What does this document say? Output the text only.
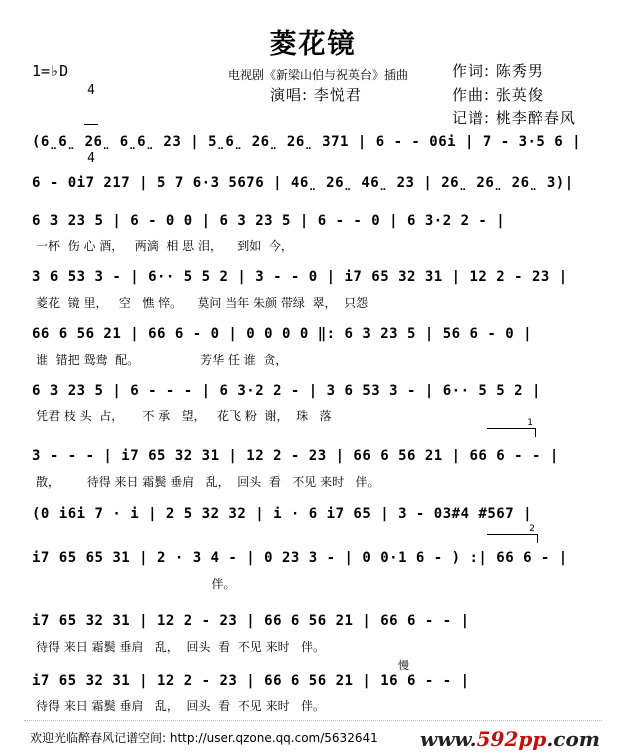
菱花镜
1=♭D

4

4

电视剧《新梁山伯与祝英台》插曲	作词: 陈秀男
演唱: 李悦君	作曲: 张英俊
记谱: 桃李醉春风
(6̤6̤ 26̤ 6̤6̤ 23 | 5̤6̤ 26̤ 26̤ 371 | 6 - - 06i | 7 - 3·5 6 |
6 - 0i7 217 | 5 7 6·3 5676 | 46̤ 26̤ 46̤ 23 | 26̤ 26̤ 26̤ 3)|
6 3 23 5 | 6 - 0 0 | 6 3 23 5 | 6 - - 0 | 6 3·2 2 - |
一杯  伤 心 酒，   两滴  相 思 泪，    到如  今，
3 6 53 3 - | 6·· 5 5 2 | 3 - - 0 | i7 65 32 31 | 12 2 - 23 |
菱花  镜 里，   空   憔 悴。    莫问 当年 朱颜 带绿  翠，  只怨
66 6 56 21 | 66 6 - 0 | 0 0 0 0 ‖: 6 3 23 5 | 56 6 - 0 |
谁  错把 鸳鸯  配。                芳华 任 谁  贪，
6 3 23 5 | 6 - - - | 6 3·2 2 - | 3 6 53 3 - | 6·· 5 5 2 |
凭君 枝 头  占，     不 承   望，   花飞 粉  谢，  珠   落	1
3 - - - | i7 65 32 31 | 12 2 - 23 | 66 6 56 21 | 66 6 - - |
散，       待得 来日 霜鬓 垂肩   乱，  回头  看   不见 来时   伴。
(0 i6i 7 · i | 2 5 32 32 | i · 6 i7 65 | 3 - 03#4 #567 |
2
i7 65 65 31 | 2 · 3 4 - | 0 23 3 - | 0 0·1 6 - ) :| 66 6 - |
伴。
i7 65 32 31 | 12 2 - 23 | 66 6 56 21 | 66 6 - - |
待得 来日 霜鬓 垂肩   乱，  回头  看  不见 来时   伴。
慢
i7 65 32 31 | 12 2 - 23 | 66 6 56 21 | 16 6 - - |
待得 来日 霜鬓 垂肩   乱，  回头  看  不见 来时   伴。
欢迎光临醉春风记谱空间: http://user.qzone.qq.com/5632641 www.592pp.com
